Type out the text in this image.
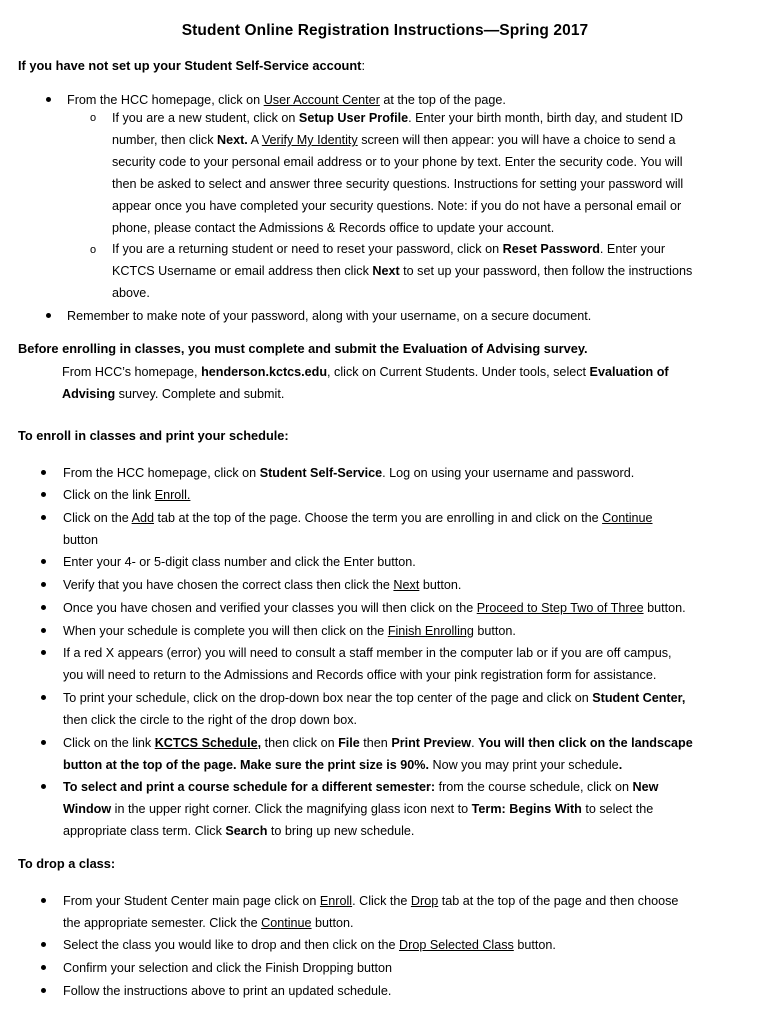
Student Online Registration Instructions—Spring 2017
If you have not set up your Student Self-Service account:
From the HCC homepage, click on User Account Center at the top of the page.
o If you are a new student, click on Setup User Profile. Enter your birth month, birth day, and student ID
number, then click Next. A Verify My Identity screen will then appear: you will have a choice to send a
security code to your personal email address or to your phone by text. Enter the security code. You will
then be asked to select and answer three security questions. Instructions for setting your password will
appear once you have completed your security questions. Note: if you do not have a personal email or
phone, please contact the Admissions & Records office to update your account.
o If you are a returning student or need to reset your password, click on Reset Password. Enter your
KCTCS Username or email address then click Next to set up your password, then follow the instructions
above.
Remember to make note of your password, along with your username, on a secure document.
Before enrolling in classes, you must complete and submit the Evaluation of Advising survey.
From HCC’s homepage, henderson.kctcs.edu, click on Current Students. Under tools, select Evaluation of
Advising survey. Complete and submit.
To enroll in classes and print your schedule:
From the HCC homepage, click on Student Self-Service. Log on using your username and password.
Click on the link Enroll.
Click on the Add tab at the top of the page. Choose the term you are enrolling in and click on the Continue
button
Enter your 4- or 5-digit class number and click the Enter button.
Verify that you have chosen the correct class then click the Next button.
Once you have chosen and verified your classes you will then click on the Proceed to Step Two of Three button.
When your schedule is complete you will then click on the Finish Enrolling button.
If a red X appears (error) you will need to consult a staff member in the computer lab or if you are off campus,
you will need to return to the Admissions and Records office with your pink registration form for assistance.
To print your schedule, click on the drop-down box near the top center of the page and click on Student Center,
then click the circle to the right of the drop down box.
Click on the link KCTCS Schedule, then click on File then Print Preview. You will then click on the landscape
button at the top of the page. Make sure the print size is 90%. Now you may print your schedule.
To select and print a course schedule for a different semester: from the course schedule, click on New
Window in the upper right corner. Click the magnifying glass icon next to Term: Begins With to select the
appropriate class term. Click Search to bring up new schedule.
To drop a class:
From your Student Center main page click on Enroll. Click the Drop tab at the top of the page and then choose
the appropriate semester. Click the Continue button.
Select the class you would like to drop and then click on the Drop Selected Class button.
Confirm your selection and click the Finish Dropping button
Follow the instructions above to print an updated schedule.
